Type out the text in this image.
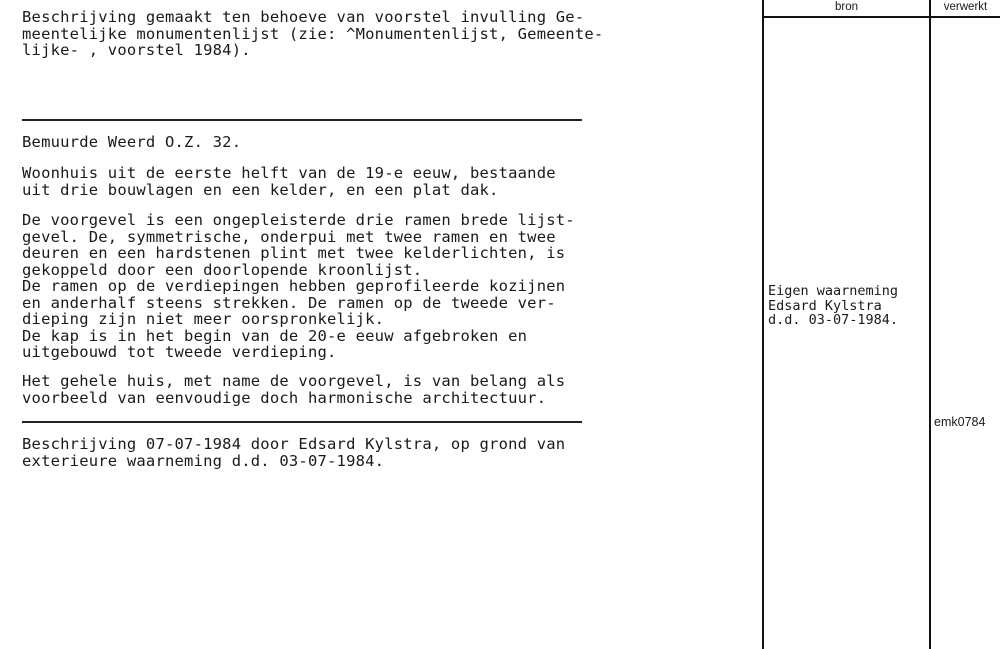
Beschrijving gemaakt ten behoeve van voorstel invulling Ge-
meentelijke monumentenlijst (zie: ^Monumentenlijst, Gemeente-
lijke- , voorstel 1984).

Bemuurde Weerd O.Z. 32.

Woonhuis uit de eerste helft van de 19-e eeuw, bestaande
uit drie bouwlagen en een kelder, en een plat dak.

De voorgevel is een ongepleisterde drie ramen brede lijst-
gevel. De, symmetrische, onderpui met twee ramen en twee
deuren en een hardstenen plint met twee kelderlichten, is
gekoppeld door een doorlopende kroonlijst.
De ramen op de verdiepingen hebben geprofileerde kozijnen
en anderhalf steens strekken. De ramen op de tweede ver-
dieping zijn niet meer oorspronkelijk.
De kap is in het begin van de 20-e eeuw afgebroken en
uitgebouwd tot tweede verdieping.

Het gehele huis, met name de voorgevel, is van belang als
voorbeeld van eenvoudige doch harmonische architectuur.

Beschrijving 07-07-1984 door Edsard Kylstra, op grond van
exterieure waarneming d.d. 03-07-1984.

bron	verwerkt

Eigen waarneming
Edsard Kylstra
d.d. 03-07-1984.

emk0784
